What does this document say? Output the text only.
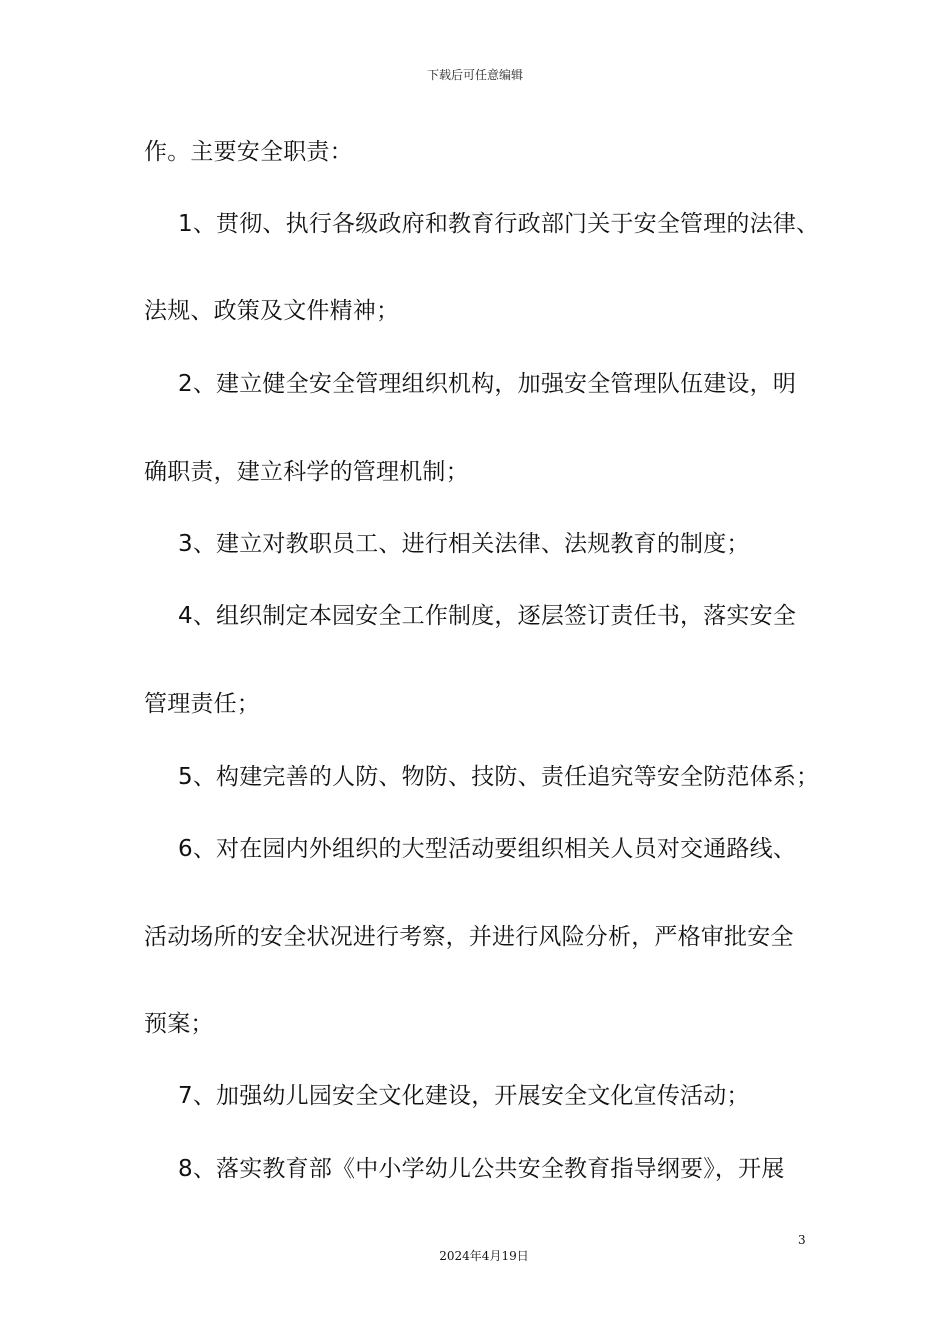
下载后可任意编辑
作。主要安全职责：
1、贯彻、执行各级政府和教育行政部门关于安全管理的法律、
法规、政策及文件精神；
2、建立健全安全管理组织机构，加强安全管理队伍建设，明
确职责，建立科学的管理机制；
3、建立对教职员工、进行相关法律、法规教育的制度；
4、组织制定本园安全工作制度，逐层签订责任书，落实安全
管理责任；
5、构建完善的人防、物防、技防、责任追究等安全防范体系；
6、对在园内外组织的大型活动要组织相关人员对交通路线、
活动场所的安全状况进行考察，并进行风险分析，严格审批安全
预案；
7、加强幼儿园安全文化建设，开展安全文化宣传活动；
8、落实教育部《中小学幼儿公共安全教育指导纲要》，开展
3
2024年4月19日
